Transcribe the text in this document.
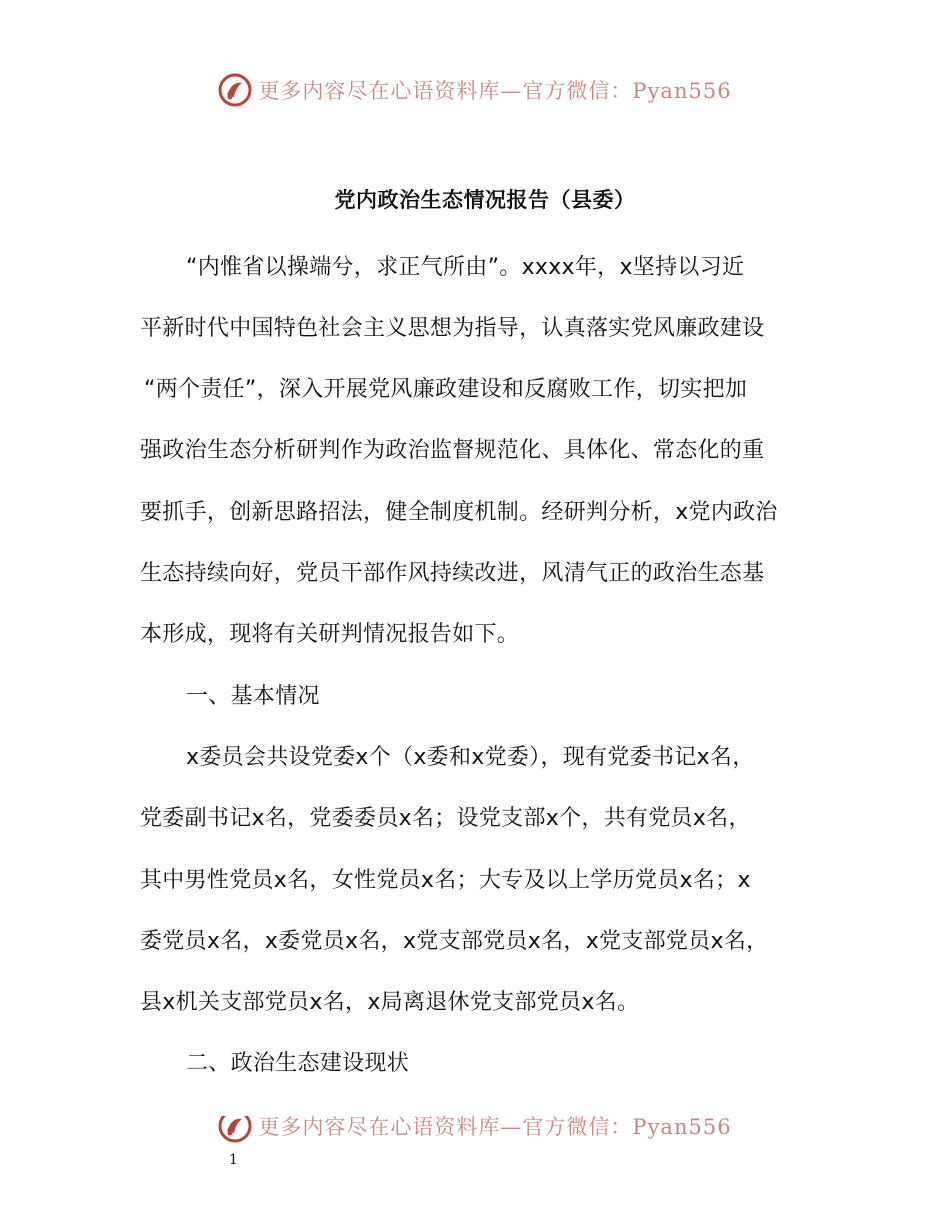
更多内容尽在心语资料库—官方微信：Pyan556
党内政治生态情况报告（县委）
“内惟省以操端兮，求正气所由”。xxxx年，x坚持以习近
平新时代中国特色社会主义思想为指导，认真落实党风廉政建设
“两个责任”，深入开展党风廉政建设和反腐败工作，切实把加
强政治生态分析研判作为政治监督规范化、具体化、常态化的重
要抓手，创新思路招法，健全制度机制。经研判分析，x党内政治
生态持续向好，党员干部作风持续改进，风清气正的政治生态基
本形成，现将有关研判情况报告如下。
一、基本情况
x委员会共设党委x个（x委和x党委），现有党委书记x名，
党委副书记x名，党委委员x名；设党支部x个，共有党员x名，
其中男性党员x名，女性党员x名；大专及以上学历党员x名；x
委党员x名，x委党员x名，x党支部党员x名，x党支部党员x名，
县x机关支部党员x名，x局离退休党支部党员x名。
二、政治生态建设现状
更多内容尽在心语资料库—官方微信：Pyan556
1
